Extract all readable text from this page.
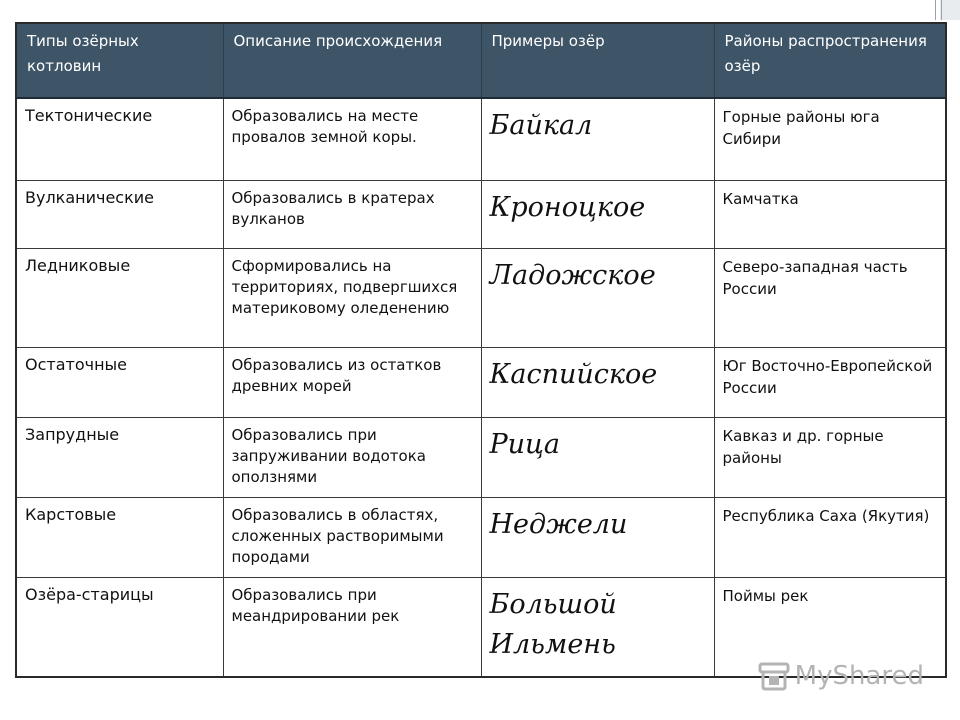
Типы озёрных котловин	Описание происхождения	Примеры озёр	Районы распространения озёр
Тектонические	Образовались на месте провалов земной коры.	Байкал	Горные районы юга Сибири
Вулканические	Образовались в кратерах вулканов	Кроноцкое	Камчатка
Ледниковые	Сформировались на территориях, подвергшихся материковому оледенению	Ладожское	Северо-западная часть России
Остаточные	Образовались из остатков древних морей	Каспийское	Юг Восточно-Европейской России
Запрудные	Образовались при запруживании водотока оползнями	Рица	Кавказ и др. горные районы
Карстовые	Образовались в областях, сложенных растворимыми породами	Неджели	Республика Саха (Якутия)
Озёра-старицы	Образовались при меандрировании рек	Большой Ильмень	Поймы рек
MyShared
